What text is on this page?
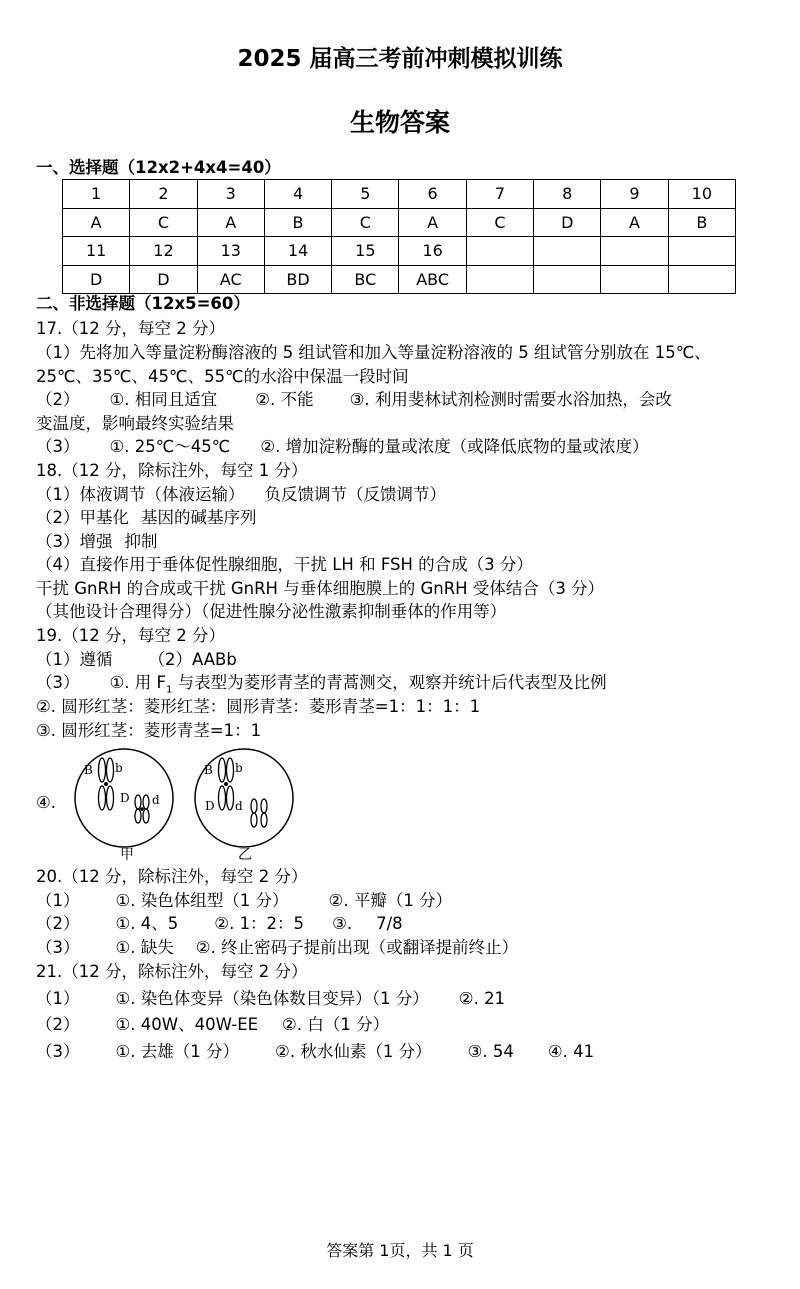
2025 届高三考前冲刺模拟训练
生物答案
一、选择题（12x2+4x4=40）
1	2	3	4	5	6	7	8	9	10
A	C	A	B	C	A	C	D	A	B
11	12	13	14	15	16				
D	D	AC	BD	BC	ABC				
二、非选择题（12x5=60）
17.（12 分，每空 2 分）
（1）先将加入等量淀粉酶溶液的 5 组试管和加入等量淀粉溶液的 5 组试管分别放在 15℃、
25℃、35℃、45℃、55℃的水浴中保温一段时间
（2） ①. 相同且适宜 ②. 不能 ③. 利用斐林试剂检测时需要水浴加热，会改
变温度，影响最终实验结果
（3） ①. 25℃～45℃ ②. 增加淀粉酶的量或浓度（或降低底物的量或浓度）
18.（12 分，除标注外，每空 1 分）
（1）体液调节（体液运输） 负反馈调节（反馈调节）
（2）甲基化 基因的碱基序列
（3）增强 抑制
（4）直接作用于垂体促性腺细胞，干扰 LH 和 FSH 的合成（3 分）
干扰 GnRH 的合成或干扰 GnRH 与垂体细胞膜上的 GnRH 受体结合（3 分）
（其他设计合理得分）（促进性腺分泌性激素抑制垂体的作用等）
19.（12 分，每空 2 分）
（1）遵循 （2）AABb
（3） ①. 用 $F_1$ 与表型为菱形青茎的青蒿测交，观察并统计后代表型及比例
②. 圆形红茎：菱形红茎：圆形青茎：菱形青茎=1：1：1：1
③. 圆形红茎：菱形青茎=1：1
④.
B b
D d
甲
B b
D d
乙
20.（12 分，除标注外，每空 2 分）
（1） ①. 染色体组型（1 分） ②. 平瓣（1 分）
（2） ①. 4、5 ②. 1：2：5 ③. 7/8
（3） ①. 缺失 ②. 终止密码子提前出现（或翻译提前终止）
21.（12 分，除标注外，每空 2 分）
（1） ①. 染色体变异（染色体数目变异）（1 分） ②. 21
（2） ①. 40W、40W-EE ②. 白（1 分）
（3） ①. 去雄（1 分） ②. 秋水仙素（1 分） ③. 54 ④. 41
答案第 1页，共 1 页
